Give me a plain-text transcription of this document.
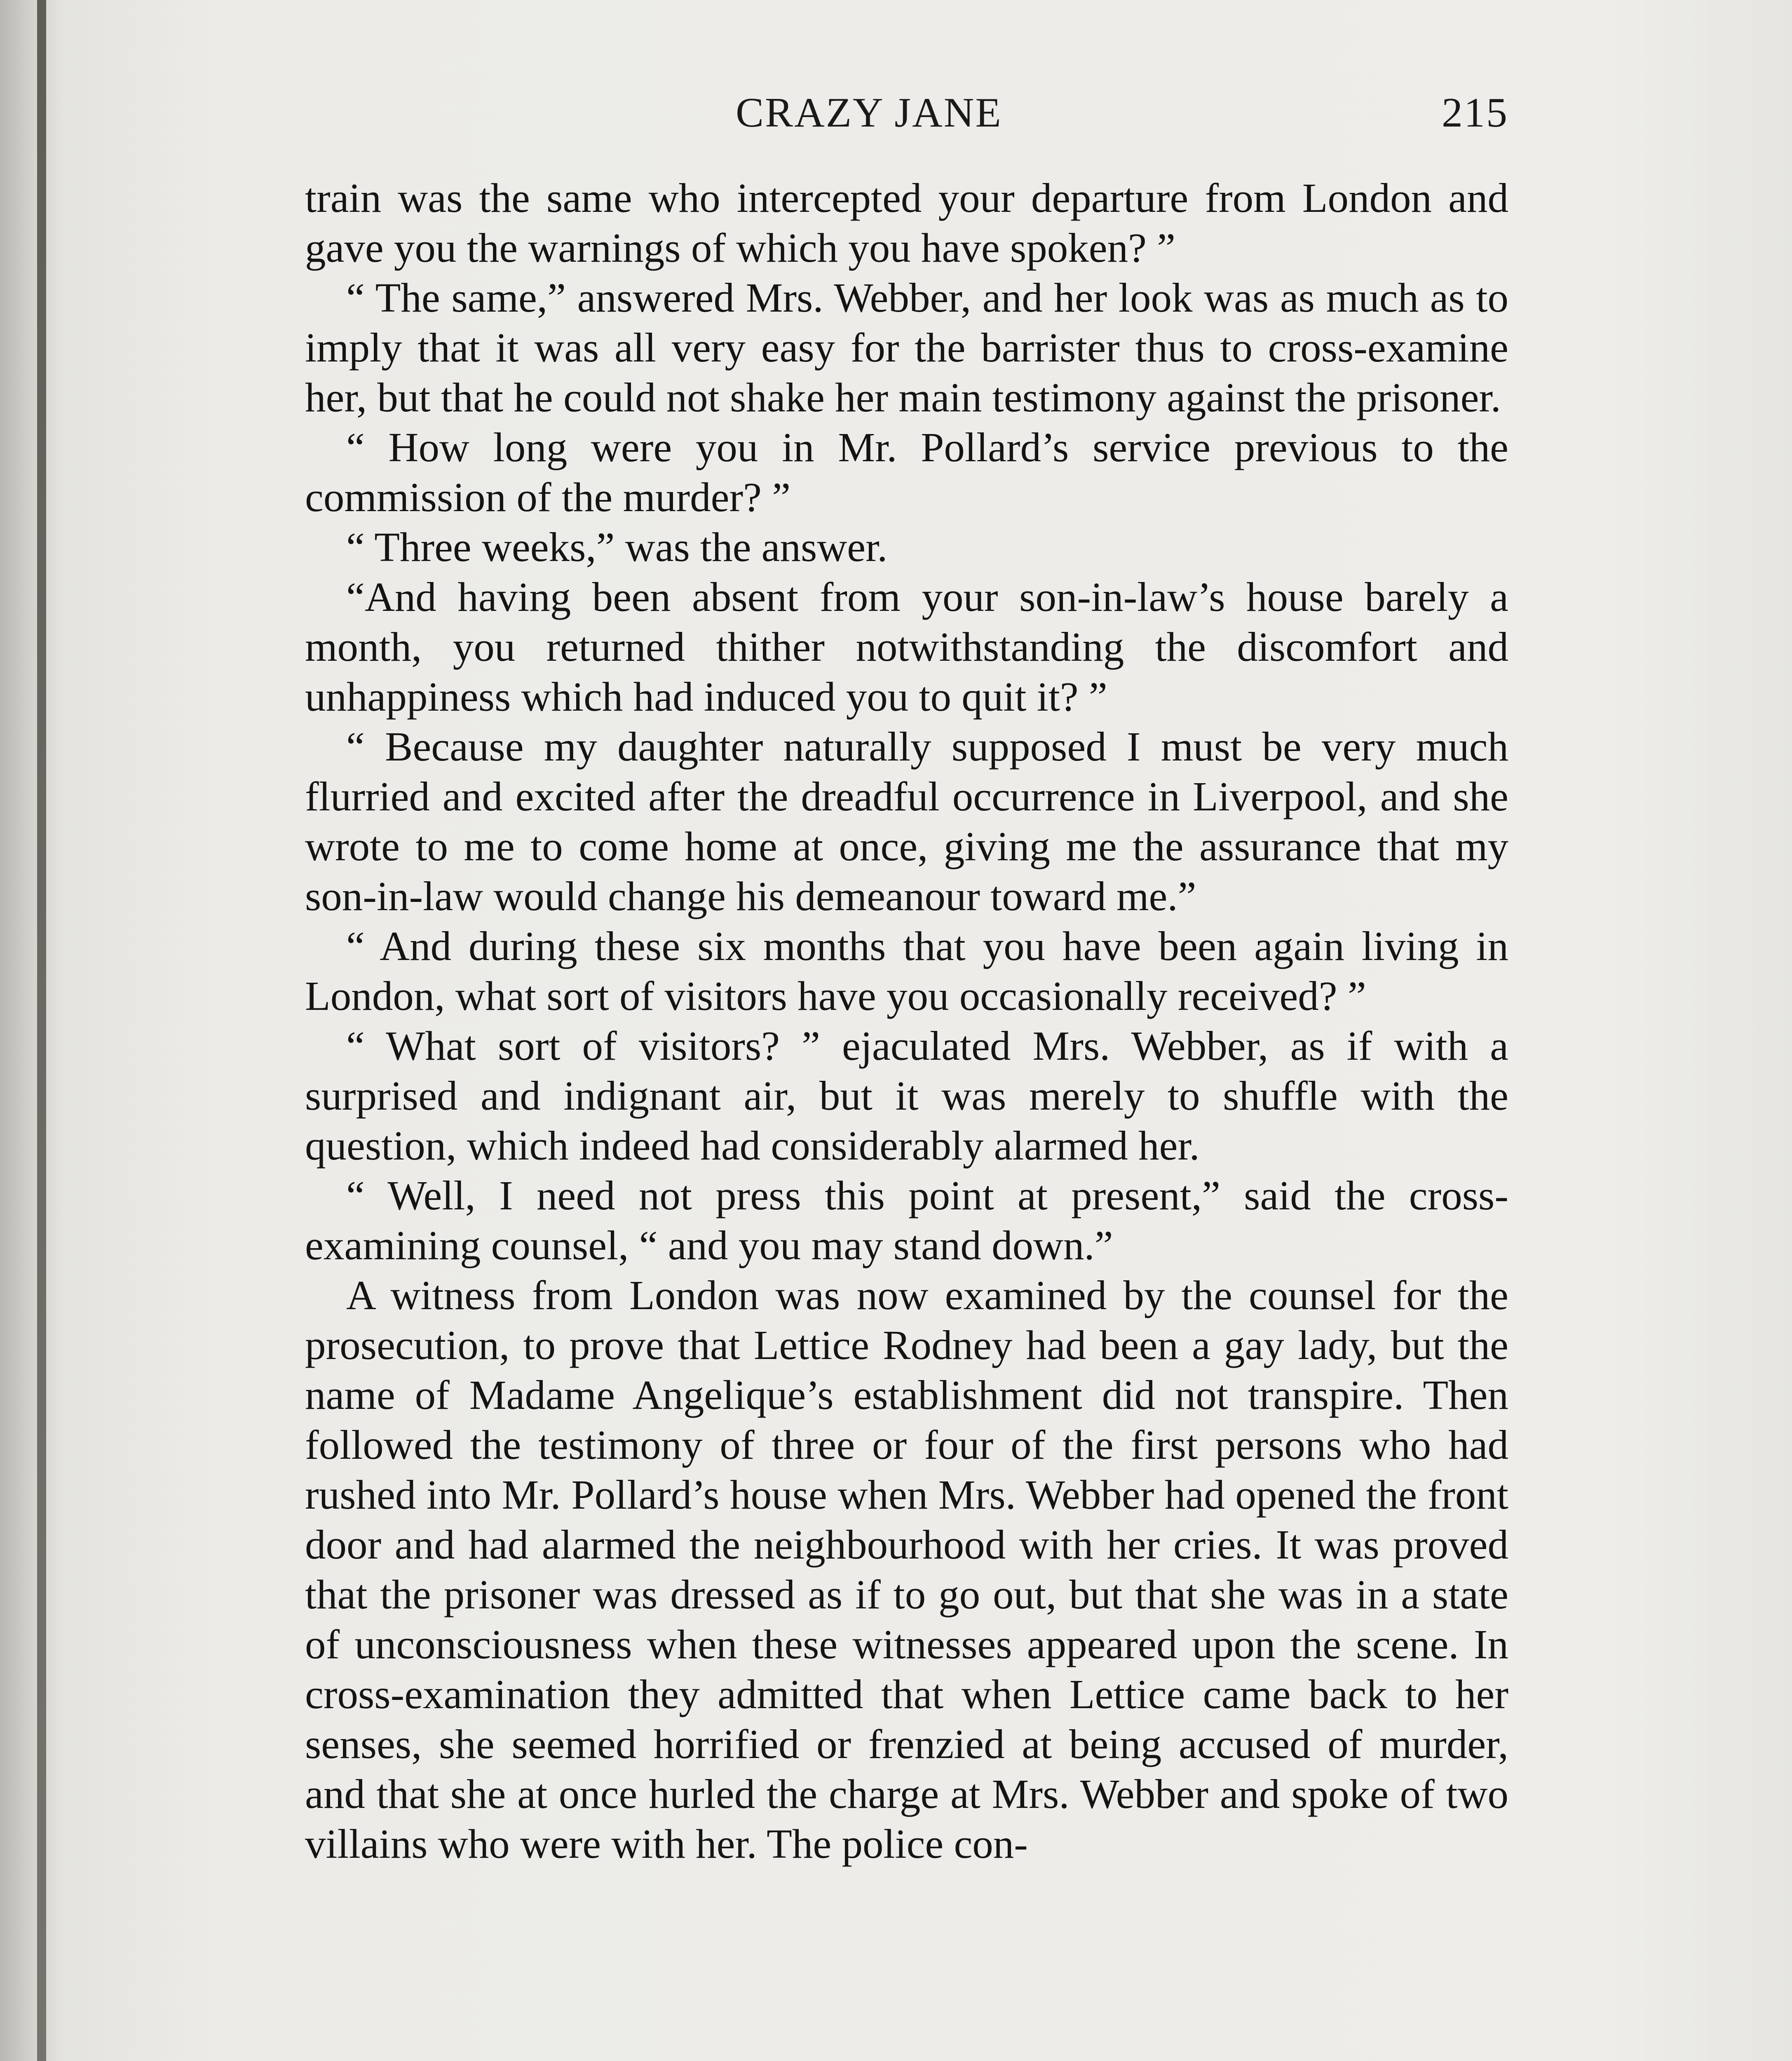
CRAZY JANE	215

train was the same who intercepted your departure from London and gave you the warnings of which you have spoken? ”

“ The same,” answered Mrs. Webber, and her look was as much as to imply that it was all very easy for the barrister thus to cross-examine her, but that he could not shake her main testimony against the prisoner.

“ How long were you in Mr. Pollard’s service previous to the commission of the murder? ”

“ Three weeks,” was the answer.

“And having been absent from your son-in-law’s house barely a month, you returned thither notwithstanding the discomfort and unhappiness which had induced you to quit it? ”

“ Because my daughter naturally supposed I must be very much flurried and excited after the dreadful occurrence in Liverpool, and she wrote to me to come home at once, giving me the assurance that my son-in-law would change his demeanour toward me.”

“ And during these six months that you have been again living in London, what sort of visitors have you occasionally received? ”

“ What sort of visitors? ” ejaculated Mrs. Webber, as if with a surprised and indignant air, but it was merely to shuffle with the question, which indeed had considerably alarmed her.

“ Well, I need not press this point at present,” said the cross-examining counsel, “ and you may stand down.”

A witness from London was now examined by the counsel for the prosecution, to prove that Lettice Rodney had been a gay lady, but the name of Madame Angelique’s establishment did not transpire. Then followed the testimony of three or four of the first persons who had rushed into Mr. Pollard’s house when Mrs. Webber had opened the front door and had alarmed the neighbourhood with her cries. It was proved that the prisoner was dressed as if to go out, but that she was in a state of unconsciousness when these witnesses appeared upon the scene. In cross-examination they admitted that when Lettice came back to her senses, she seemed horrified or frenzied at being accused of murder, and that she at once hurled the charge at Mrs. Webber and spoke of two villains who were with her. The police con-
